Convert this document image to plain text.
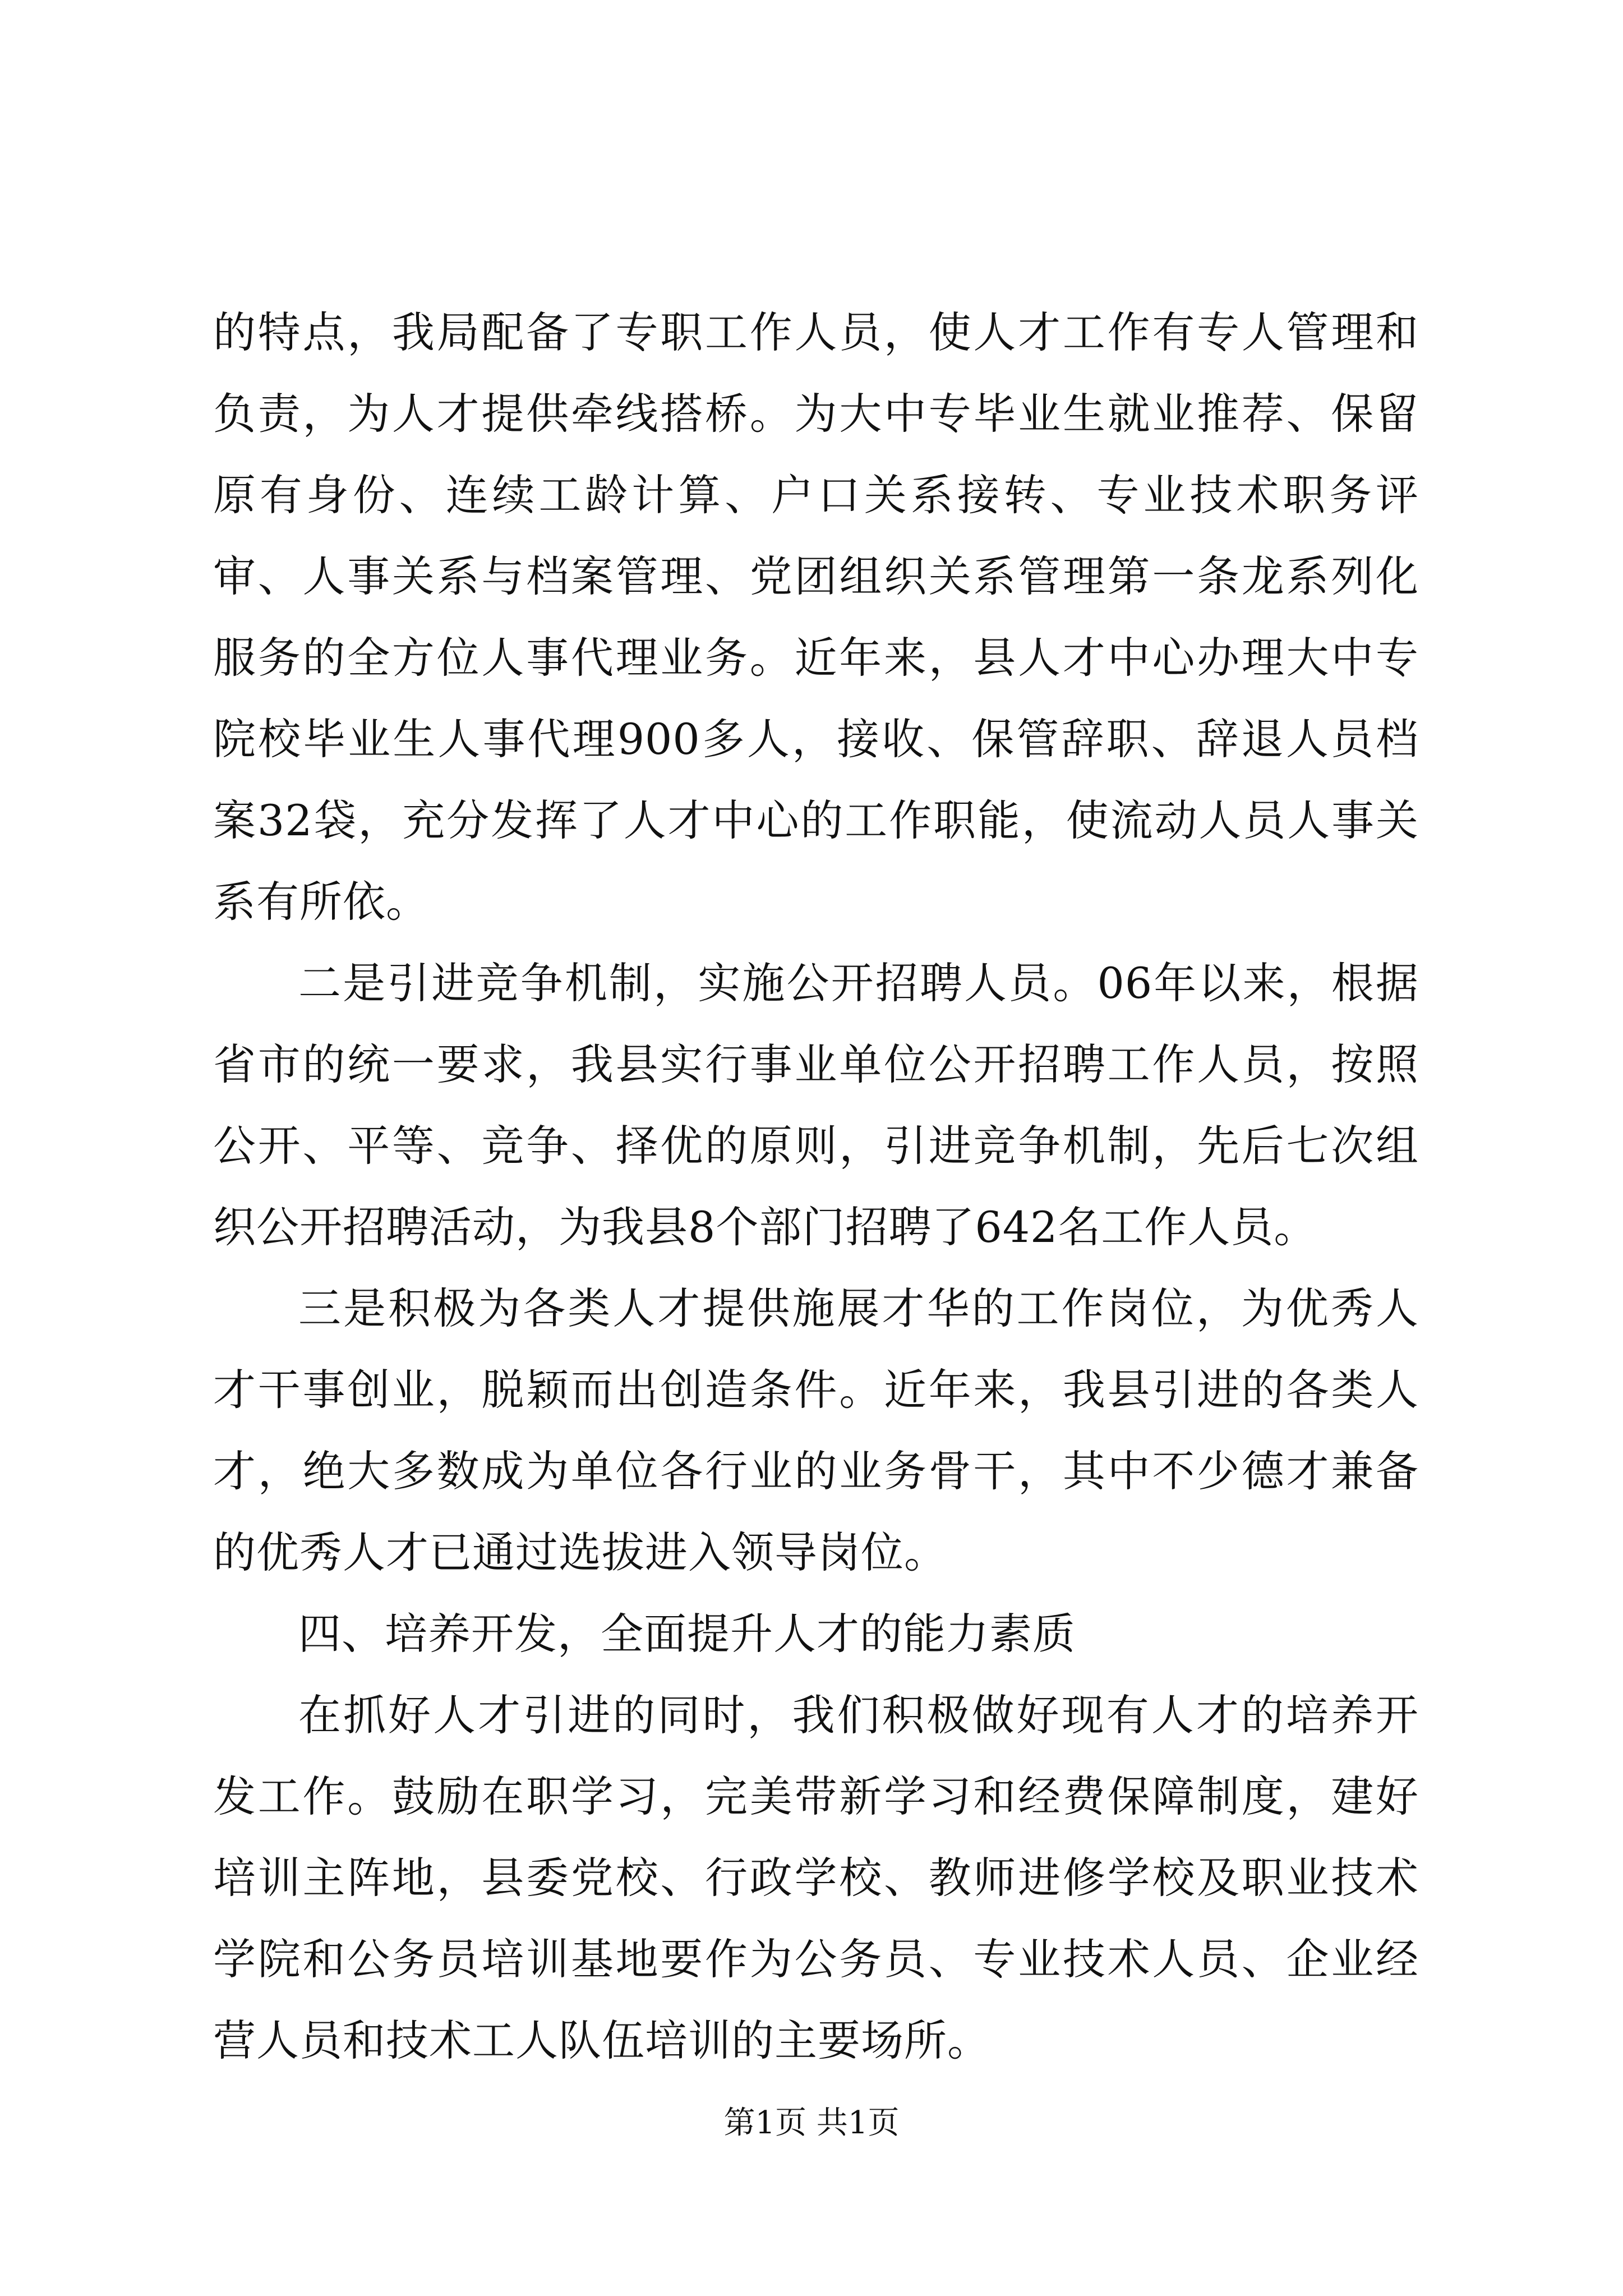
的特点，我局配备了专职工作人员，使人才工作有专人管理和负责，为人才提供牵线搭桥。为大中专毕业生就业推荐、保留原有身份、连续工龄计算、户口关系接转、专业技术职务评审、人事关系与档案管理、党团组织关系管理第一条龙系列化服务的全方位人事代理业务。近年来，县人才中心办理大中专院校毕业生人事代理900多人，接收、保管辞职、辞退人员档案32袋，充分发挥了人才中心的工作职能，使流动人员人事关系有所依。

二是引进竞争机制，实施公开招聘人员。06年以来，根据省市的统一要求，我县实行事业单位公开招聘工作人员，按照公开、平等、竞争、择优的原则，引进竞争机制，先后七次组织公开招聘活动，为我县8个部门招聘了642名工作人员。

三是积极为各类人才提供施展才华的工作岗位，为优秀人才干事创业，脱颖而出创造条件。近年来，我县引进的各类人才，绝大多数成为单位各行业的业务骨干，其中不少德才兼备的优秀人才已通过选拔进入领导岗位。

四、培养开发，全面提升人才的能力素质

在抓好人才引进的同时，我们积极做好现有人才的培养开发工作。鼓励在职学习，完美带新学习和经费保障制度，建好培训主阵地，县委党校、行政学校、教师进修学校及职业技术学院和公务员培训基地要作为公务员、专业技术人员、企业经营人员和技术工人队伍培训的主要场所。

第1页 共1页
